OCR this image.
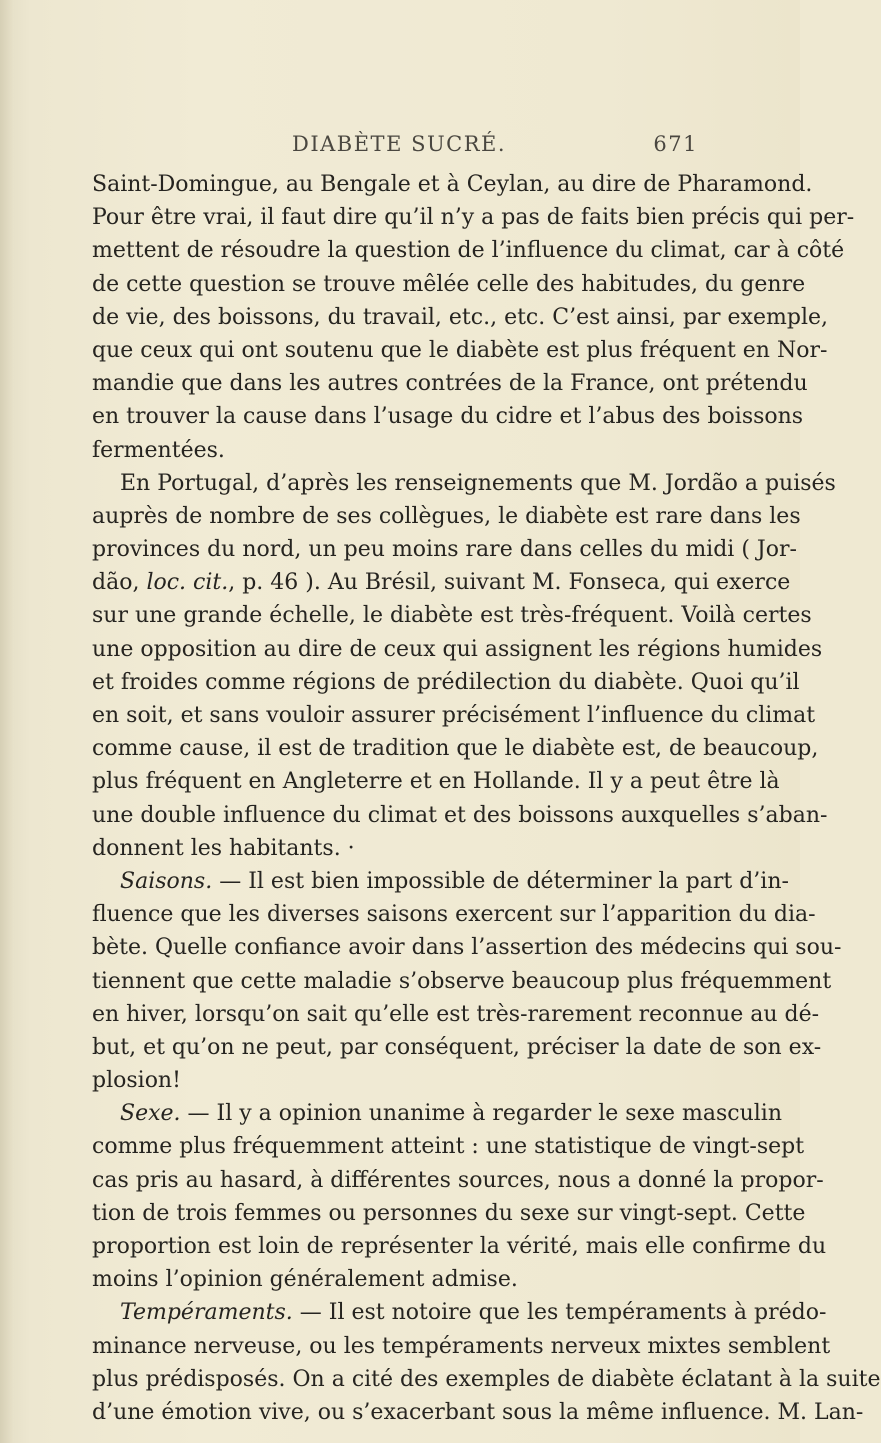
DIABÈTE SUCRÉ.	671
Saint-Domingue, au Bengale et à Ceylan, au dire de Pharamond.
Pour être vrai, il faut dire qu’il n’y a pas de faits bien précis qui per-
mettent de résoudre la question de l’influence du climat, car à côté
de cette question se trouve mêlée celle des habitudes, du genre
de vie, des boissons, du travail, etc., etc. C’est ainsi, par exemple,
que ceux qui ont soutenu que le diabète est plus fréquent en Nor-
mandie que dans les autres contrées de la France, ont prétendu
en trouver la cause dans l’usage du cidre et l’abus des boissons
fermentées.
En Portugal, d’après les renseignements que M. Jordão a puisés
auprès de nombre de ses collègues, le diabète est rare dans les
provinces du nord, un peu moins rare dans celles du midi ( Jor-
dão, loc. cit., p. 46 ). Au Brésil, suivant M. Fonseca, qui exerce
sur une grande échelle, le diabète est très-fréquent. Voilà certes
une opposition au dire de ceux qui assignent les régions humides
et froides comme régions de prédilection du diabète. Quoi qu’il
en soit, et sans vouloir assurer précisément l’influence du climat
comme cause, il est de tradition que le diabète est, de beaucoup,
plus fréquent en Angleterre et en Hollande. Il y a peut être là
une double influence du climat et des boissons auxquelles s’aban-
donnent les habitants. ·
Saisons. — Il est bien impossible de déterminer la part d’in-
fluence que les diverses saisons exercent sur l’apparition du dia-
bète. Quelle confiance avoir dans l’assertion des médecins qui sou-
tiennent que cette maladie s’observe beaucoup plus fréquemment
en hiver, lorsqu’on sait qu’elle est très-rarement reconnue au dé-
but, et qu’on ne peut, par conséquent, préciser la date de son ex-
plosion!
Sexe. — Il y a opinion unanime à regarder le sexe masculin
comme plus fréquemment atteint : une statistique de vingt-sept
cas pris au hasard, à différentes sources, nous a donné la propor-
tion de trois femmes ou personnes du sexe sur vingt-sept. Cette
proportion est loin de représenter la vérité, mais elle confirme du
moins l’opinion généralement admise.
Tempéraments. — Il est notoire que les tempéraments à prédo-
minance nerveuse, ou les tempéraments nerveux mixtes semblent
plus prédisposés. On a cité des exemples de diabète éclatant à la suite
d’une émotion vive, ou s’exacerbant sous la même influence. M. Lan-
